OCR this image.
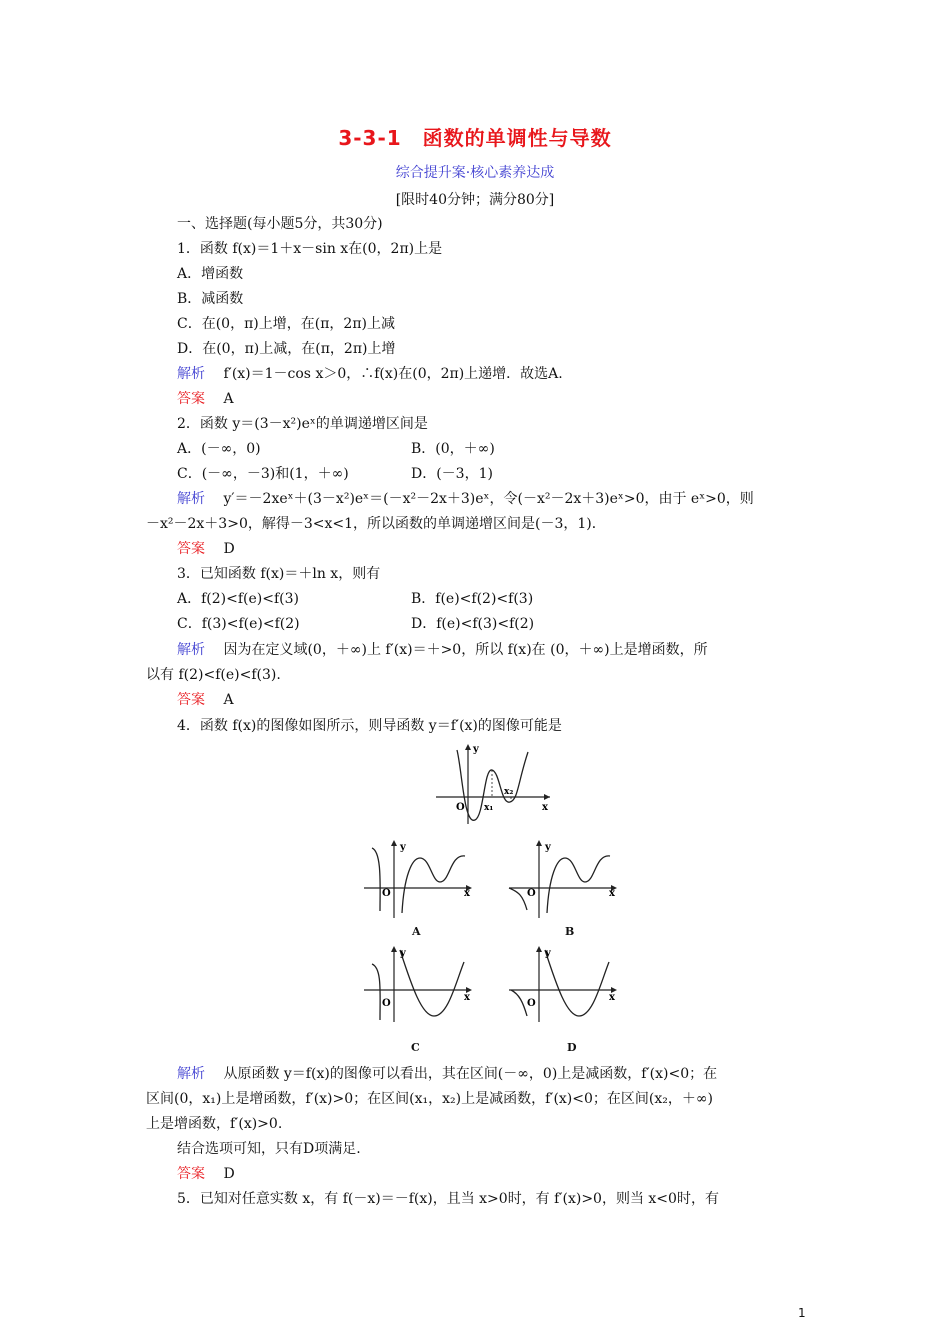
3-3-1　函数的单调性与导数
综合提升案·核心素养达成
[限时40分钟；满分80分]
一、选择题(每小题5分，共30分)
1．函数 f(x)＝1＋x－sin x在(0，2π)上是
A．增函数
B．减函数
C．在(0，π)上增，在(π，2π)上减
D．在(0，π)上减，在(π，2π)上增
解析　 f′(x)＝1－cos x＞0，∴f(x)在(0，2π)上递增．故选A.
答案　 A
2．函数 y＝(3－x²)eˣ的单调递增区间是
A．(－∞，0)	B．(0，＋∞)
C．(－∞，－3)和(1，＋∞)	D．(－3，1)
解析　 y′＝－2xeˣ＋(3－x²)eˣ＝(－x²－2x＋3)eˣ，令(－x²－2x＋3)eˣ>0，由于 eˣ>0，则
－x²－2x＋3>0，解得－3<x<1，所以函数的单调递增区间是(－3，1)．
答案　 D
3．已知函数 f(x)＝＋ln x，则有
A．f(2)<f(e)<f(3)	B．f(e)<f(2)<f(3)
C．f(3)<f(e)<f(2)	D．f(e)<f(3)<f(2)
解析　 因为在定义域(0，＋∞)上 f′(x)＝＋>0，所以 f(x)在 (0，＋∞)上是增函数，所
以有 f(2)<f(e)<f(3).
答案　 A
4．函数 f(x)的图像如图所示，则导函数 y＝f′(x)的图像可能是
y
x
O x₁
x₂
y
x
O
A
y
x
O
B
y
x
O
C
y
x
O
D
解析　 从原函数 y＝f(x)的图像可以看出，其在区间(－∞，0)上是减函数，f′(x)<0；在
区间(0，x₁)上是增函数，f′(x)>0；在区间(x₁，x₂)上是减函数，f′(x)<0；在区间(x₂，＋∞)
上是增函数，f′(x)>0.
结合选项可知，只有D项满足.
答案　 D
5．已知对任意实数 x，有 f(－x)＝－f(x)，且当 x>0时，有 f′(x)>0，则当 x<0时，有
1
